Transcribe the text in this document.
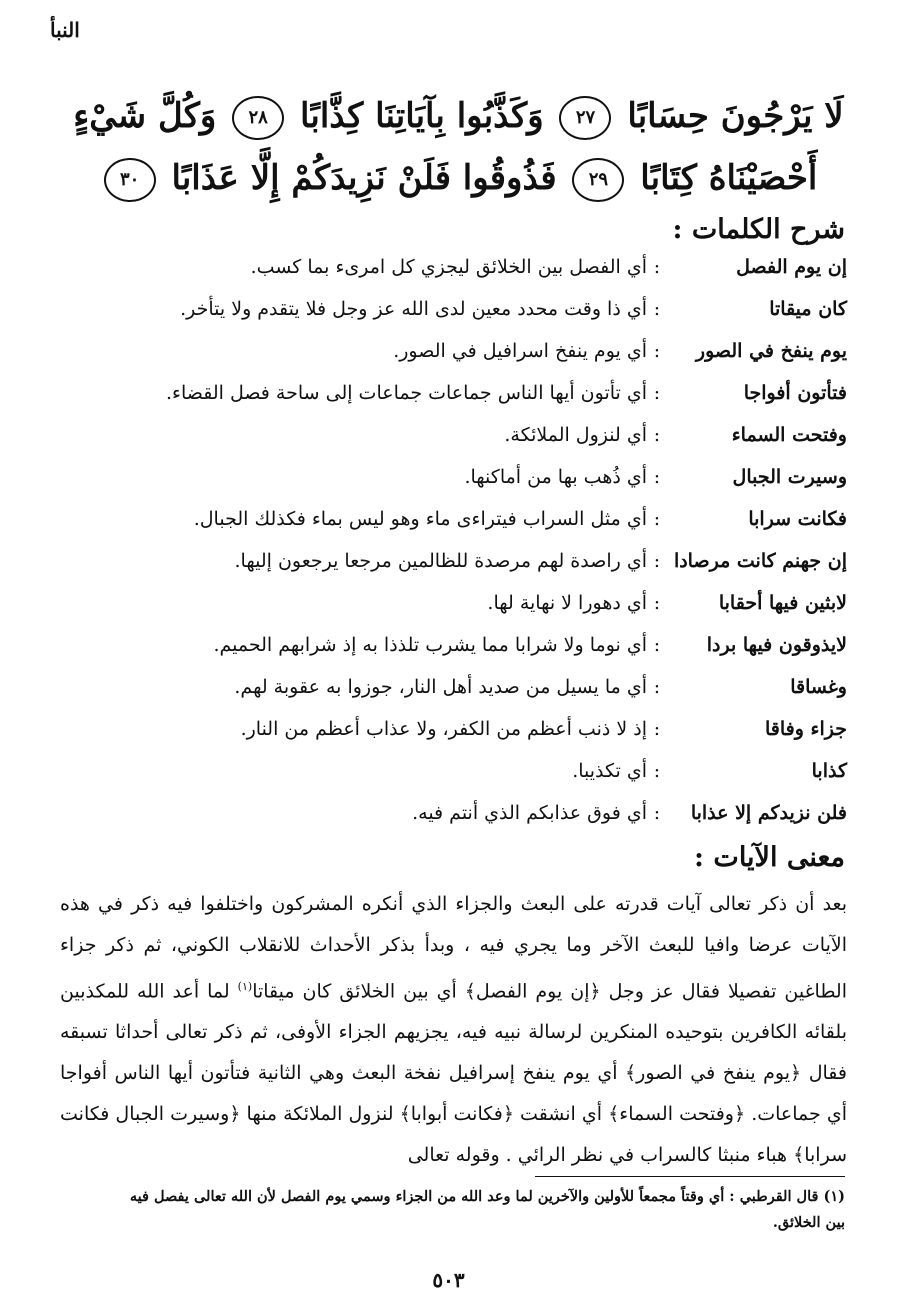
النبأ
لَا يَرْجُونَ حِسَابًا ٢٧ وَكَذَّبُوا بِآيَاتِنَا كِذَّابًا ٢٨ وَكُلَّ شَيْءٍ
أَحْصَيْنَاهُ كِتَابًا ٢٩ فَذُوقُوا فَلَنْ نَزِيدَكُمْ إِلَّا عَذَابًا ٣٠
شرح الكلمات :
إن يوم الفصل
:
أي الفصل بين الخلائق ليجزي كل امرىء بما كسب.
كان ميقاتا
:
أي ذا وقت محدد معين لدى الله عز وجل فلا يتقدم ولا يتأخر.
يوم ينفخ في الصور
:
أي يوم ينفخ اسرافيل في الصور.
فتأتون أفواجا
:
أي تأتون أيها الناس جماعات جماعات إلى ساحة فصل القضاء.
وفتحت السماء
:
أي لنزول الملائكة.
وسيرت الجبال
:
أي ذُهب بها من أماكنها.
فكانت سرابا
:
أي مثل السراب فيتراءى ماء وهو ليس بماء فكذلك الجبال.
إن جهنم كانت مرصادا
:
أي راصدة لهم مرصدة للظالمين مرجعا يرجعون إليها.
لابثين فيها أحقابا
:
أي دهورا لا نهاية لها.
لايذوقون فيها بردا
:
أي نوما ولا شرابا مما يشرب تلذذا به إذ شرابهم الحميم.
وغساقا
:
أي ما يسيل من صديد أهل النار، جوزوا به عقوبة لهم.
جزاء وفاقا
:
إذ لا ذنب أعظم من الكفر، ولا عذاب أعظم من النار.
كذابا
:
أي تكذيبا.
فلن نزيدكم إلا عذابا
:
أي فوق عذابكم الذي أنتم فيه.
معنى الآيات :

بعد أن ذكر تعالى آيات قدرته على البعث والجزاء الذي أنكره المشركون واختلفوا فيه ذكر في هذه الآيات عرضا وافيا للبعث الآخر وما يجري فيه ، وبدأ بذكر الأحداث للانقلاب الكوني، ثم ذكر جزاء الطاغين تفصيلا فقال عز وجل ﴿إن يوم الفصل﴾ أي بين الخلائق كان ميقاتا$^{(١)}$ لما أعد الله للمكذبين بلقائه الكافرين بتوحيده المنكرين لرسالة نبيه فيه، يجزيهم الجزاء الأوفى، ثم ذكر تعالى أحداثا تسبقه فقال ﴿يوم ينفخ في الصور﴾ أي يوم ينفخ إسرافيل نفخة البعث وهي الثانية فتأتون أيها الناس أفواجا أي جماعات. ﴿وفتحت السماء﴾ أي انشقت ﴿فكانت أبوابا﴾ لنزول الملائكة منها ﴿وسيرت الجبال فكانت سرابا﴾ هباء منبثا كالسراب في نظر الرائي . وقوله تعالى

(١) قال القرطبي : أي وقتاً مجمعاً للأولين والآخرين لما وعد الله من الجزاء وسمي يوم الفصل لأن الله تعالى يفصل فيه

بين الخلائق.

٥٠٣
